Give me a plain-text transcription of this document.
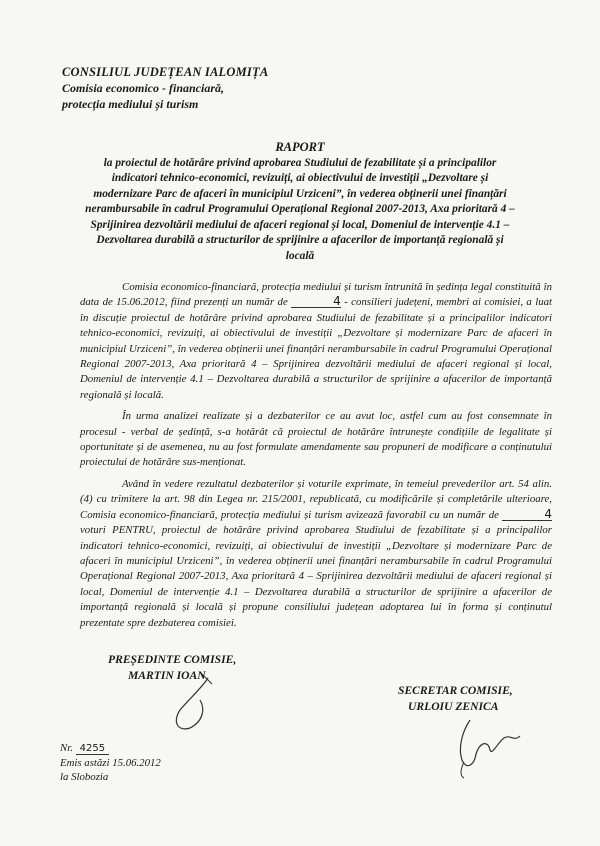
CONSILIUL JUDEȚEAN IALOMIȚA
Comisia economico - financiară,
protecția mediului și turism
RAPORT
la proiectul de hotărâre privind aprobarea Studiului de fezabilitate și a principalilor
indicatori tehnico-economici, revizuiți, ai obiectivului de investiții „Dezvoltare și
modernizare Parc de afaceri în municipiul Urziceni”, în vederea obținerii unei finanțări
nerambursabile în cadrul Programului Operațional Regional 2007-2013, Axa prioritară 4 –
Sprijinirea dezvoltării mediului de afaceri regional și local, Domeniul de intervenție 4.1 –
Dezvoltarea durabilă a structurilor de sprijinire a afacerilor de importanță regională și
locală

Comisia economico-financiară, protecția mediului și turism întrunită în ședința legal constituită în data de 15.06.2012, fiind prezenți un număr de	4 - consilieri județeni, membri ai comisiei, a luat în discuție proiectul de hotărâre privind aprobarea Studiului de fezabilitate și a principalilor indicatori tehnico-economici, revizuiți, ai obiectivului de investiții „Dezvoltare și modernizare Parc de afaceri în municipiul Urziceni”, în vederea obținerii unei finanțări nerambursabile în cadrul Programului Operațional Regional 2007-2013, Axa prioritară 4 – Sprijinirea dezvoltării mediului de afaceri regional și local, Domeniul de intervenție 4.1 – Dezvoltarea durabilă a structurilor de sprijinire a afacerilor de importanță regională și locală.

În urma analizei realizate și a dezbaterilor ce au avut loc, astfel cum au fost consemnate în procesul - verbal de ședință, s-a hotărât că proiectul de hotărâre întrunește condițiile de legalitate și oportunitate și de asemenea, nu au fost formulate amendamente sau propuneri de modificare a conținutului proiectului de hotărâre sus-menționat.

Având în vedere rezultatul dezbaterilor și voturile exprimate, în temeiul prevederilor art. 54 alin. (4) cu trimitere la art. 98 din Legea nr. 215/2001, republicată, cu modificările și completările ulterioare, Comisia economico-financiară, protecția mediului și turism avizează favorabil cu un număr de	4 voturi PENTRU, proiectul de hotărâre privind aprobarea Studiului de fezabilitate și a principalilor indicatori tehnico-economici, revizuiți, ai obiectivului de investiții „Dezvoltare și modernizare Parc de afaceri în municipiul Urziceni”, în vederea obținerii unei finanțări nerambursabile în cadrul Programului Operațional Regional 2007-2013, Axa prioritară 4 – Sprijinirea dezvoltării mediului de afaceri regional și local, Domeniul de intervenție 4.1 – Dezvoltarea durabilă a structurilor de sprijinire a afacerilor de importanță regională și locală și propune consiliului județean adoptarea lui în forma și conținutul prezentate spre dezbaterea comisiei.

PREȘEDINTE COMISIE,
MARTIN IOAN
SECRETAR COMISIE,
URLOIU ZENICA
Nr. 4255
Emis astăzi 15.06.2012
la Slobozia
